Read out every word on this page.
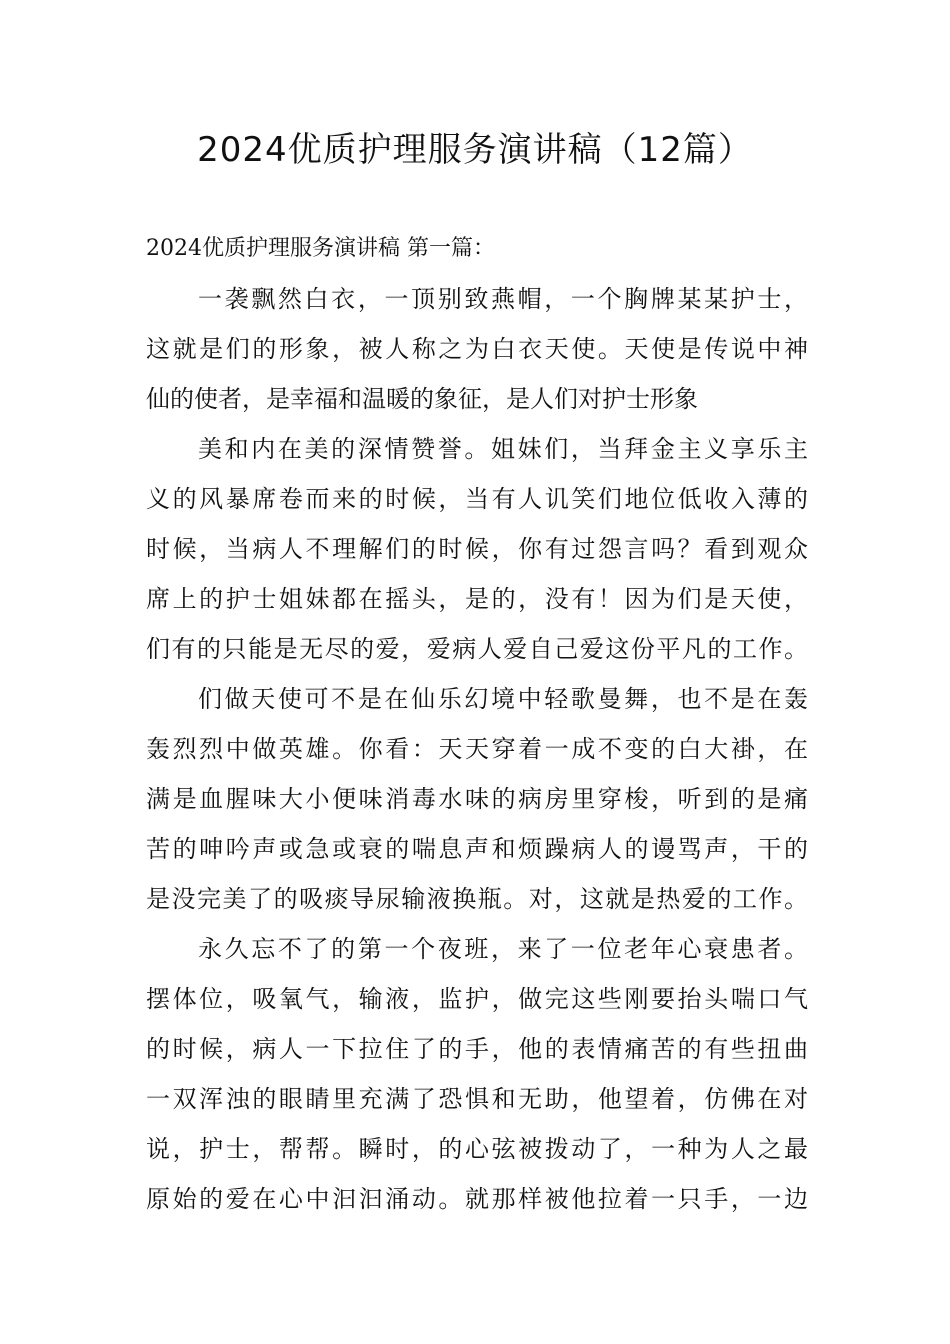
2024优质护理服务演讲稿（12篇）

2024优质护理服务演讲稿 第一篇：

一袭飘然白衣，一顶别致燕帽，一个胸牌某某护士，
这就是们的形象，被人称之为白衣天使。天使是传说中神
仙的使者，是幸福和温暖的象征，是人们对护士形象

美和内在美的深情赞誉。姐妹们，当拜金主义享乐主
义的风暴席卷而来的时候，当有人讥笑们地位低收入薄的
时候，当病人不理解们的时候，你有过怨言吗？看到观众
席上的护士姐妹都在摇头，是的，没有！因为们是天使，
们有的只能是无尽的爱，爱病人爱自己爱这份平凡的工作。

们做天使可不是在仙乐幻境中轻歌曼舞，也不是在轰
轰烈烈中做英雄。你看：天天穿着一成不变的白大褂，在
满是血腥味大小便味消毒水味的病房里穿梭，听到的是痛
苦的呻吟声或急或衰的喘息声和烦躁病人的谩骂声，干的
是没完美了的吸痰导尿输液换瓶。对，这就是热爱的工作。

永久忘不了的第一个夜班，来了一位老年心衰患者。
摆体位，吸氧气，输液，监护，做完这些刚要抬头喘口气
的时候，病人一下拉住了的手，他的表情痛苦的有些扭曲
一双浑浊的眼睛里充满了恐惧和无助，他望着，仿佛在对
说，护士，帮帮。瞬时，的心弦被拨动了，一种为人之最
原始的爱在心中汩汩涌动。就那样被他拉着一只手，一边
